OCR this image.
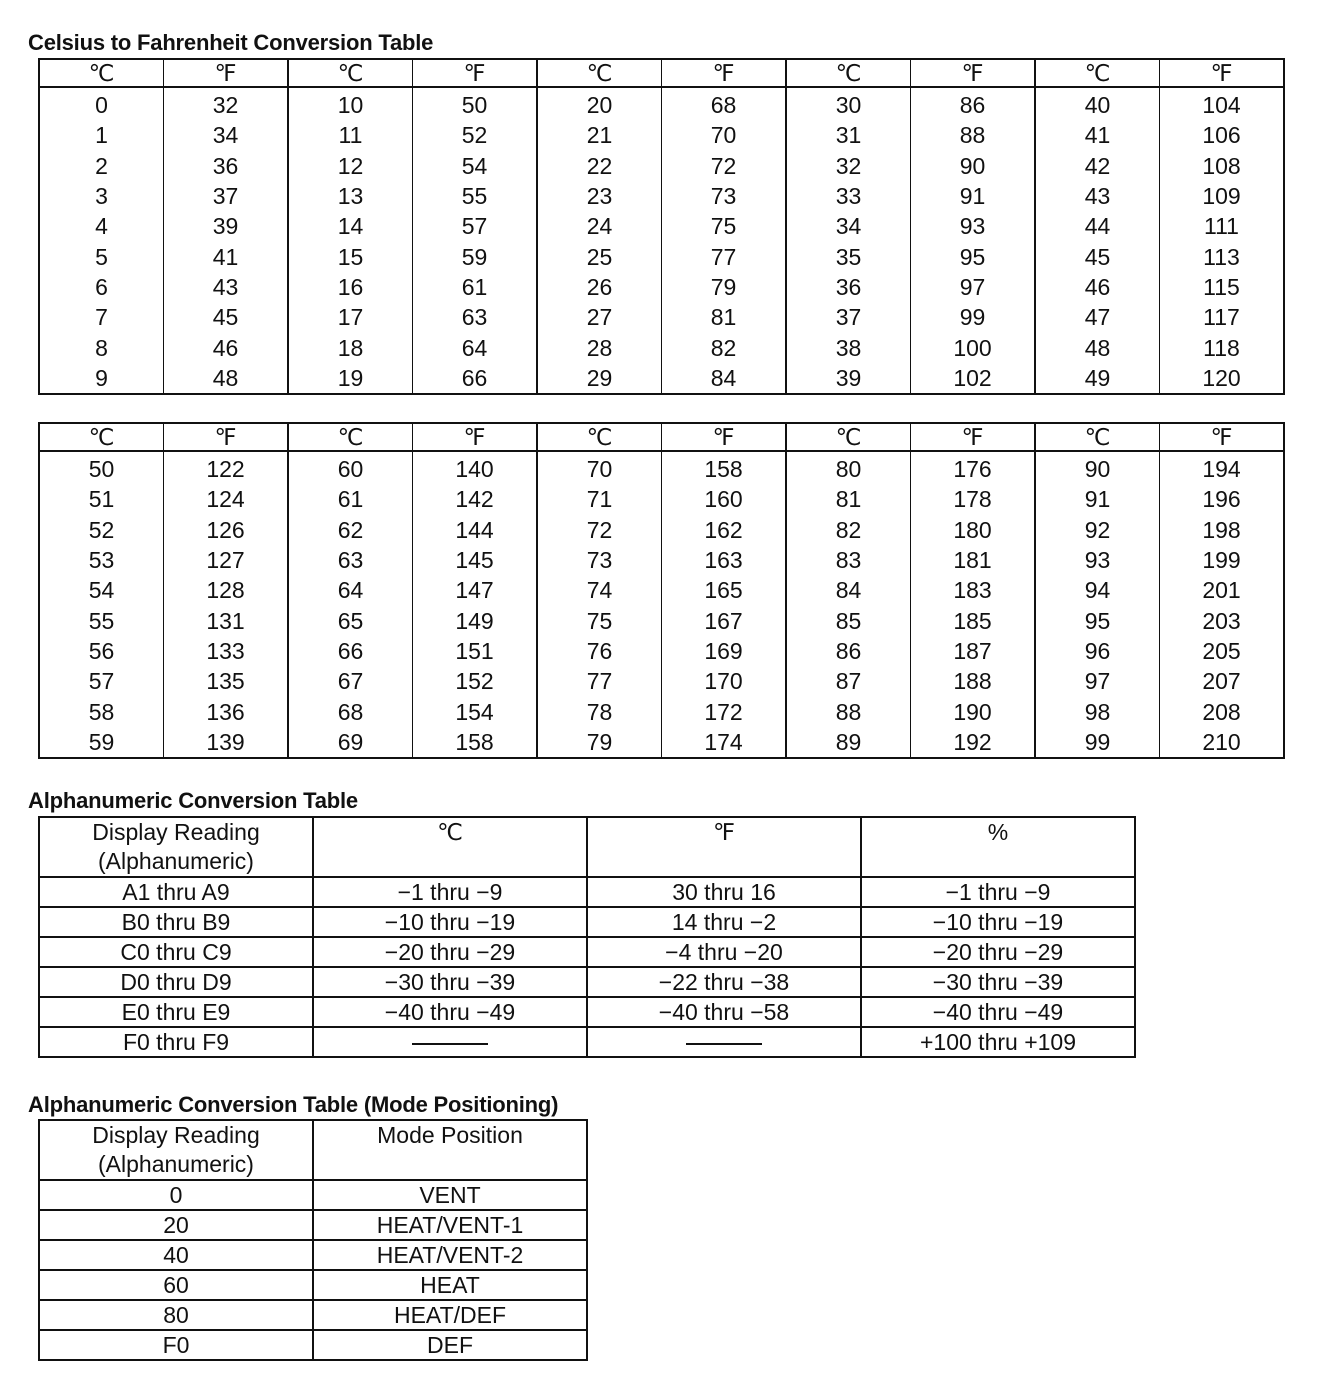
Celsius to Fahrenheit Conversion Table
℃	℉	℃	℉	℃	℉	℃	℉	℃	℉
0	32	10	50	20	68	30	86	40	104
1	34	11	52	21	70	31	88	41	106
2	36	12	54	22	72	32	90	42	108
3	37	13	55	23	73	33	91	43	109
4	39	14	57	24	75	34	93	44	111
5	41	15	59	25	77	35	95	45	113
6	43	16	61	26	79	36	97	46	115
7	45	17	63	27	81	37	99	47	117
8	46	18	64	28	82	38	100	48	118
9	48	19	66	29	84	39	102	49	120
℃	℉	℃	℉	℃	℉	℃	℉	℃	℉
50	122	60	140	70	158	80	176	90	194
51	124	61	142	71	160	81	178	91	196
52	126	62	144	72	162	82	180	92	198
53	127	63	145	73	163	83	181	93	199
54	128	64	147	74	165	84	183	94	201
55	131	65	149	75	167	85	185	95	203
56	133	66	151	76	169	86	187	96	205
57	135	67	152	77	170	87	188	97	207
58	136	68	154	78	172	88	190	98	208
59	139	69	158	79	174	89	192	99	210
Alphanumeric Conversion Table
Display Reading
(Alphanumeric)	℃	℉	%
A1 thru A9	−1 thru −9	30 thru 16	−1 thru −9
B0 thru B9	−10 thru −19	14 thru −2	−10 thru −19
C0 thru C9	−20 thru −29	−4 thru −20	−20 thru −29
D0 thru D9	−30 thru −39	−22 thru −38	−30 thru −39
E0 thru E9	−40 thru −49	−40 thru −58	−40 thru −49
F0 thru F9			+100 thru +109
Alphanumeric Conversion Table (Mode Positioning)
Display Reading
(Alphanumeric)	Mode Position
0	VENT
20	HEAT/VENT-1
40	HEAT/VENT-2
60	HEAT
80	HEAT/DEF
F0	DEF
